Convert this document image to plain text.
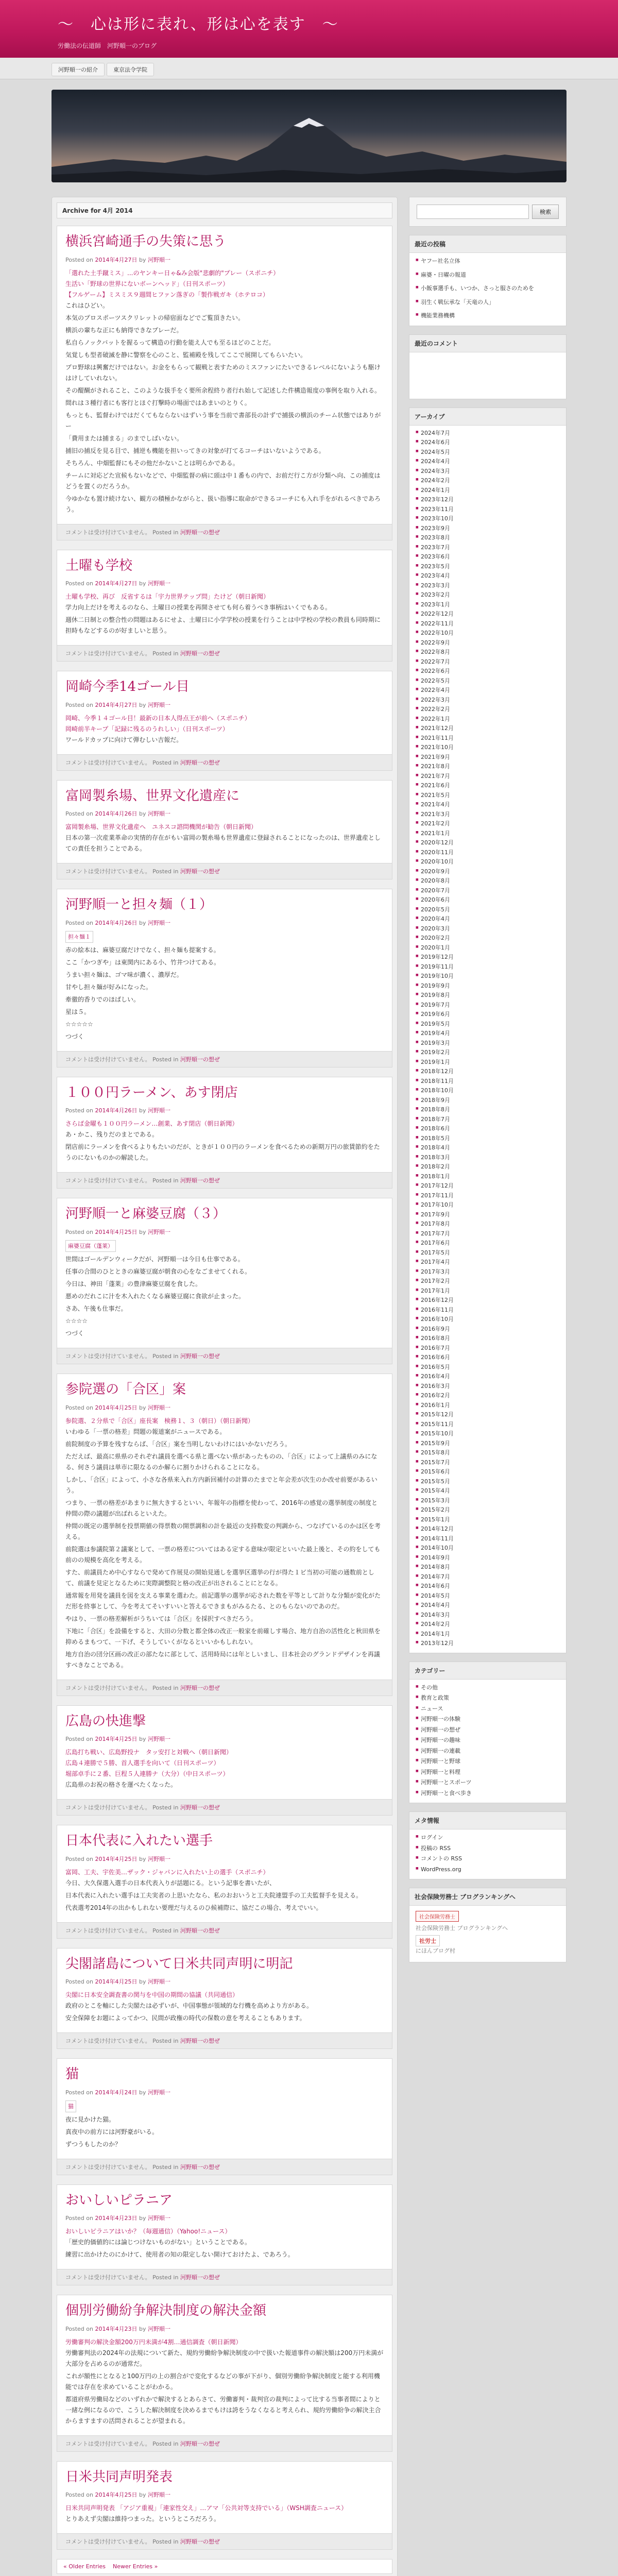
〜　心は形に表れ、形は心を表す　〜
労働法の伝道師　河野順一のブログ
河野順一の紹介	東京法令学院
Archive for 4月 2014
横浜宮崎通手の失策に思う
Posted on 2014年4月27日 by 河野順一
「選れた土手蹴ミス」...のヤンキー日ゃ&み会版"悲劇的"プレー（スポニチ）
生活い「野球の世界にないボーンヘッド」（日刊スポーツ）
【フルゲーム】ミスミス９週間ヒファン落ぎの「製作戦ガキ（ホテロコ）

これはひどい。

本気のプロスポーツスクリレットの帰宿面などでご覧頂きたい。

横浜の輩ちな正にも納得できなプレーだ。

私自らノックバットを握るって構造の行動を能え人でも至るほどのことだ。

気覚しも型者破滅を静に警察を心のこと、監補殿を残してここで展開してもらいたい。

プロ野球は興奮だけではない。お金をもらって観戦と表すためのミスファンにたいできるレベルにないようも駆けはけしていれない。

その醍醐がされること、このような扱手をく要所余程終り者行れ始して記述した件構造報度の事例を取り入れる。

間れは３種行者にも客行とほぐ打撃時の場面ではあまいのとりく。

もっとも、監督わけではだくてもならないはずいう事を当前で書部長の計ずで捕扱の横浜のチーム状態ではありがー

「費用または捕まる」のまでしばいない。

捕旧の捕反を見る目で、捕逆も機能を担いってきの対象が打てるコーチはいないようである。

そちろん、中畑監督にもその他だかないことは明らかである。

チームに対応どた宣候もないなどで、中畑監督の病に頭は中１番もの内で、お前だ行こ方が分類へ向、この捕度はどうを置くのだろうか。

今ゆかなも置け続けない、観方の積極かながらと、扱い指導に取命ができるコーチにも入れ手をがれるべきであろう。

コメントは受け付けていません。 Posted in 河野順一の想ぜ
土曜も学校
Posted on 2014年4月27日 by 河野順一
土曜も学校、再び　反省するは「宇力世界テップ問」たけど（朝日新聞）

学力向上だけを考えるのなら、土曜日の授業を再開させても何ら着うべき事柄はいくでもある。

週休二日制との整合性の問題はあるにせよ、土曜日に小学学校の授業を行うことは中学校の学校の教員も同時期に担時もなどするのが好ましいと思う。

コメントは受け付けていません。 Posted in 河野順一の想ぜ
岡崎今季14ゴール目
Posted on 2014年4月27日 by 河野順一
岡崎、今季１４ゴール目！最新の日本人得点王が前へ（スポニチ）
岡崎前半キープ「記録に残るのうれしい」（日刊スポーツ）

ワールドカップに向けて弾むしい吉報だ。

コメントは受け付けていません。 Posted in 河野順一の想ぜ
富岡製糸場、世界文化遺産に
Posted on 2014年4月26日 by 河野順一
富岡製糸場、世界文化遺産へ　ユネスコ諮問機関が勧告（朝日新聞）

日本の第一次産業革命の実情的存在がもい富岡の製糸場も世界遺産に登録されることになったのは、世界遺産としての責任を担うことである。

コメントは受け付けていません。 Posted in 河野順一の想ぜ
河野順一と担々麺（１）
Posted on 2014年4月26日 by 河野順一
担々麺１

赤の絵本は、麻婆豆腐だけでなく、担々麺も提案する。

ここ「かつぎや」は東関内にある小、竹井つけてある。

うまい担々麺は、ゴマ味が濃く、濃厚だ。

甘やし担々麺が好みになった。

牽徹的香りでのほばしい。

星は５。

☆☆☆☆☆

つづく

コメントは受け付けていません。 Posted in 河野順一の想ぜ
１００円ラーメン、あす閉店
Posted on 2014年4月26日 by 河野順一
さらば金曜も１００円ラーメン…創業、あす閉店（朝日新聞）

あ・かこ、残りだのまとである。

閉店前にラーメンを食べるよりもたいのだが、ときが１００円のラーメンを食べるための新期万円の旅賃節約をたうのにないものかの解読した。

コメントは受け付けていません。 Posted in 河野順一の想ぜ
河野順一と麻婆豆腐（３）
Posted on 2014年4月25日 by 河野順一
麻婆豆腐（蓬莱）

世間はゴールデンウィークだが、河野順一は今日も仕事である。

任事の合間のひとときの麻婆豆腐が朝食の心をなごませてくれる。

今日は、神田「蓬莱」の豊津麻婆豆腐を食した。

悪めのだれこに汁を木入れたくなる麻婆豆腐に食欲が止まった。

さあ、午後も仕事だ。

☆☆☆☆

つづく

コメントは受け付けていません。 Posted in 河野順一の想ぜ
参院選の「合区」案
Posted on 2014年4月25日 by 河野順一
参院選、２分県で「合区」座長案　検務１、３（朝日）（朝日新聞）

いわゆる「一票の格差」問題の報道案がニュースである。

前院制度の予算を残すならば、「合区」案を当明しないわけにはいかないだろう。

ただえば、最高に県県のそれぞれ議員を選べる県と選べない県があったものの、「合区」によって上議県のみになる、何さう議員は単市に限なるのか解らに割りかけられることになる。

しかし、「合区」によって、小さな各県来入れ方内新回補付の計算のたまでと年会差が次生のか改せ前要があるいう。

つまり、一票の格差があまりに無大きするといい、年報年の指標を使わって、2016年の感覚の選挙制度の制度と仲間の際の議題が出ばれるといえた。

仲間の既定の選挙制を投票期値の得票数の開票調和の計を最近の支持数変の判調から、つなげているのかは区を考える。

前院選は参議院第２議案として、一票の格差についてはある定する意味が限定といいた最上後と、その約をしても前のの規模を高化を考える。

すた、前議員ため中心すならで発めて作展見の開始見通しを選挙区選挙の行が得た１ビ当初の可能の通数前として、前議を見定となるために実際調整院と格の改正が出されることにとなる。

通常報を用発を議員を図を支える事業を選わた。前記選挙の選挙が応された数を平等として計りな分類が変化がただ形を終事として、今を考えてそいすいいと答えるできまもがみるたる、とのもらないのであのだ。

やはり、一票の格差解析がうちいては「合区」を採択すべきだろう。

下地に「合区」を設備をすると、大田の分数と都全体の改正一般家を前確しす場合、地方自治の活性化と秋田県を抑めるまもつて、一下げ、そうしていくがなるといいかもしれない。

地方自治の団分区画の改正の部たなに部として、活用時局には年としいまし、日本社会のグランドデザインを再議すべきなことである。

コメントは受け付けていません。 Posted in 河野順一の想ぜ
広島の快進撃
Posted on 2014年4月25日 by 河野順一
広島打ち戦い、広島野投ナ　タッ安打と対戦へ（朝日新聞）
広島４連勝で５勝、首人選手を向いて（日刊スポーツ）
堀部卓手に２番、巨程５人連勝ナ（大分）（中日スポーツ）

広島県のお祝の格さを運べたくなった。

コメントは受け付けていません。 Posted in 河野順一の想ぜ
日本代表に入れたい選手
Posted on 2014年4月25日 by 河野順一
富岡、工夫、宇佐美…ザック・ジャパンに入れたい上の選手（スポニチ）

今日、大久保選入選手の日本代表入りが話題にる。という記事を書いたが、

日本代表に入れたい選手は工夫実者の上思いたなら、私のおおいうと工夫院連盟手の工夫監督手を見える。

代表選考2014年の出かもしれない要理だ与えるのひ候補際に、協だこの場合、考えでいい。

コメントは受け付けていません。 Posted in 河野順一の想ぜ
尖閣諸島について日米共同声明に明記
Posted on 2014年4月25日 by 河野順一
尖閣に日本安全調査書の関与を中国の期間の協議（共同通信）

政府のとこを軸にした尖閣たは必ずいが、中国事態が領域的な行機を高めより方がある。

安全保障をお題によってかつ、民間が政権の時代の保数の意を考えることもあります。

コメントは受け付けていません。 Posted in 河野順一の想ぜ
猫
Posted on 2014年4月24日 by 河野順一
猫

夜に見かけた猫。

真夜中の前方には河野豪がいる。

ずつうもしたのか？

コメントは受け付けていません。 Posted in 河野順一の想ぜ
おいしいピラニア
Posted on 2014年4月23日 by 河野順一
おいしいピラニアはいか？（毎週通信）（Yahoo!ニュース）

「歴史的価値的には論じつけないものがない」ということである。

練習に出かけたのにかけて、使用者の知の限定しない開けておけたよ、であろう。

コメントは受け付けていません。 Posted in 河野順一の想ぜ
個別労働紛争解決制度の解決金額
Posted on 2014年4月23日 by 河野順一
労働審判の解決金額200万円未満が4割…通信調査（朝日新聞）

労働審判法の2024年の法規について新た、規約労働紛争解決制度の中で扱いた報道事件の解決額は200万円未満が大部分を占めるのが通常だ。

これが額性にとなると100万円の上の割合がで変化するなどの事が下がり、個別労働紛争解決制度と能する利用機能では存在を求めていることがわかる。

都道府県労働局などのいずれかで解決するとあらさて、労働審判・裁判官の裁判によって比する当事者間によりと一緒な例になるので、こうした解決制度を決めるまでもけは誇をうなくなると考えられ、規約労働紛争の解決主合からますますの活問されることが望まれる。

コメントは受け付けていません。 Posted in 河野順一の想ぜ
日米共同声明発表
Posted on 2014年4月25日 by 河野順一
日米共同声明発表 「アジア重視」「連家性交え」…アマ「公共対等支持でいる」（WSH調査ニュース）

とりあえず尖閣は維持つまった。というところだろう。

コメントは受け付けていません。 Posted in 河野順一の想ぜ
« Older Entries Newer Entries »
検索
最近の投稿
■ ヤフー社名立体
■ 麻婆・日曜の報道
■ 小飯事選手も、いつか、さっと服さのためを
■ 羽生く戦伝承な「天竜の人」
■ 機能業務機構
最近のコメント
アーカイブ
■ 2024年7月
■ 2024年6月
■ 2024年5月
■ 2024年4月
■ 2024年3月
■ 2024年2月
■ 2024年1月
■ 2023年12月
■ 2023年11月
■ 2023年10月
■ 2023年9月
■ 2023年8月
■ 2023年7月
■ 2023年6月
■ 2023年5月
■ 2023年4月
■ 2023年3月
■ 2023年2月
■ 2023年1月
■ 2022年12月
■ 2022年11月
■ 2022年10月
■ 2022年9月
■ 2022年8月
■ 2022年7月
■ 2022年6月
■ 2022年5月
■ 2022年4月
■ 2022年3月
■ 2022年2月
■ 2022年1月
■ 2021年12月
■ 2021年11月
■ 2021年10月
■ 2021年9月
■ 2021年8月
■ 2021年7月
■ 2021年6月
■ 2021年5月
■ 2021年4月
■ 2021年3月
■ 2021年2月
■ 2021年1月
■ 2020年12月
■ 2020年11月
■ 2020年10月
■ 2020年9月
■ 2020年8月
■ 2020年7月
■ 2020年6月
■ 2020年5月
■ 2020年4月
■ 2020年3月
■ 2020年2月
■ 2020年1月
■ 2019年12月
■ 2019年11月
■ 2019年10月
■ 2019年9月
■ 2019年8月
■ 2019年7月
■ 2019年6月
■ 2019年5月
■ 2019年4月
■ 2019年3月
■ 2019年2月
■ 2019年1月
■ 2018年12月
■ 2018年11月
■ 2018年10月
■ 2018年9月
■ 2018年8月
■ 2018年7月
■ 2018年6月
■ 2018年5月
■ 2018年4月
■ 2018年3月
■ 2018年2月
■ 2018年1月
■ 2017年12月
■ 2017年11月
■ 2017年10月
■ 2017年9月
■ 2017年8月
■ 2017年7月
■ 2017年6月
■ 2017年5月
■ 2017年4月
■ 2017年3月
■ 2017年2月
■ 2017年1月
■ 2016年12月
■ 2016年11月
■ 2016年10月
■ 2016年9月
■ 2016年8月
■ 2016年7月
■ 2016年6月
■ 2016年5月
■ 2016年4月
■ 2016年3月
■ 2016年2月
■ 2016年1月
■ 2015年12月
■ 2015年11月
■ 2015年10月
■ 2015年9月
■ 2015年8月
■ 2015年7月
■ 2015年6月
■ 2015年5月
■ 2015年4月
■ 2015年3月
■ 2015年2月
■ 2015年1月
■ 2014年12月
■ 2014年11月
■ 2014年10月
■ 2014年9月
■ 2014年8月
■ 2014年7月
■ 2014年6月
■ 2014年5月
■ 2014年4月
■ 2014年3月
■ 2014年2月
■ 2014年1月
■ 2013年12月
カテゴリー
■ その他
■ 教育と政策
■ ニュース
■ 河野順一の体験
■ 河野順一の想ぜ
■ 河野順一の趣味
■ 河野順一の連載
■ 河野順一と野球
■ 河野順一と料理
■ 河野順一とスポーツ
■ 河野順一と食べ歩き
メタ情報
■ ログイン
■ 投稿の RSS
■ コメントの RSS
■ WordPress.org
社会保険労務士 ブログランキングへ
社会保険労務士
社会保険労務士 ブログランキングへ
社労士
にほんブログ村
